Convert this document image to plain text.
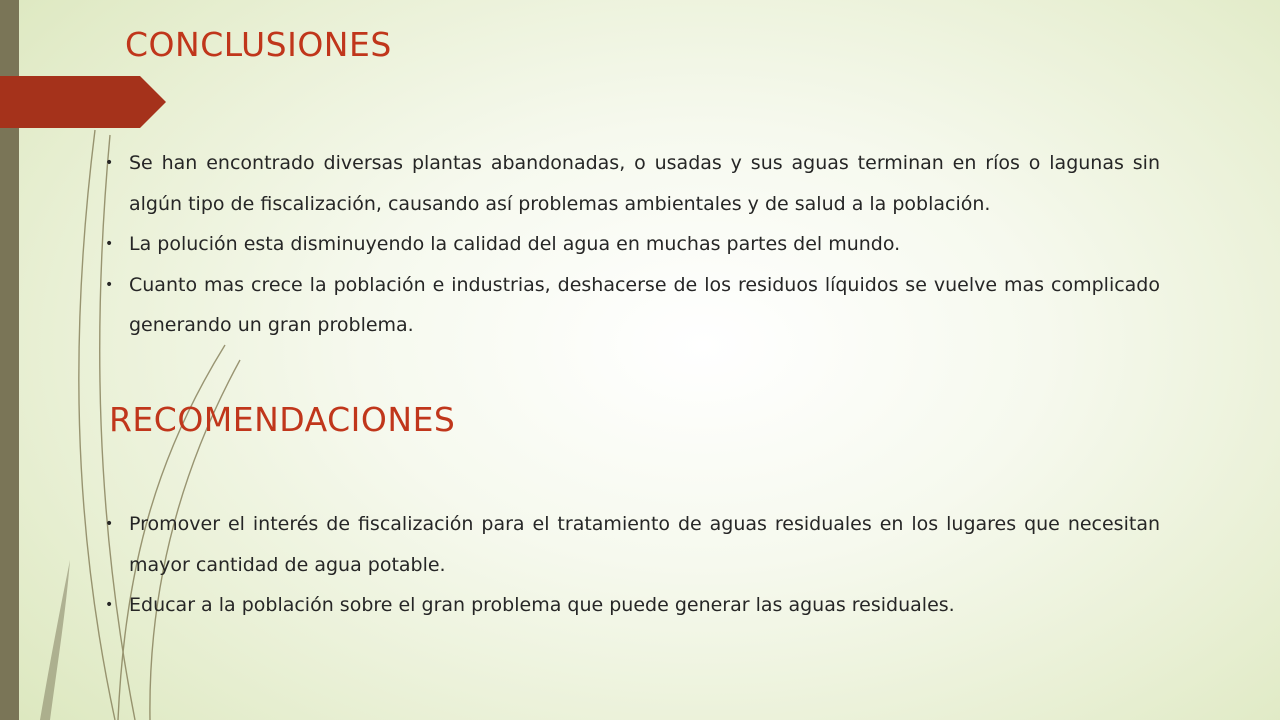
CONCLUSIONES
• Se han encontrado diversas plantas abandonadas, o usadas y sus aguas terminan en ríos o lagunas sin algún tipo de fiscalización, causando así problemas ambientales y de salud a la población.
• La polución esta disminuyendo la calidad del agua en muchas partes del mundo.
• Cuanto mas crece la población e industrias, deshacerse de los residuos líquidos se vuelve mas complicado generando un gran problema.
RECOMENDACIONES
• Promover el interés de fiscalización para el tratamiento de aguas residuales en los lugares que necesitan mayor cantidad de agua potable.
• Educar a la población sobre el gran problema que puede generar las aguas residuales.
